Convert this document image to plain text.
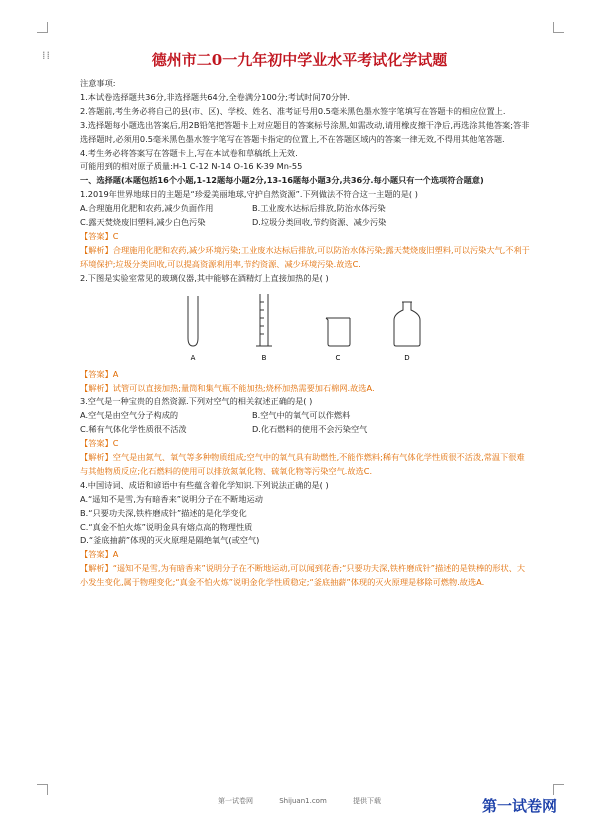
⁞⁞	德州市二0一九年初中学业水平考试化学试题

注意事项:

1.本试卷选择题共36分,非选择题共64分,全卷满分100分;考试时间70分钟.

2.答题前,考生务必将自己的县(市、区)、学校、姓名、准考证号用0.5毫米黑色墨水签字笔填写在答题卡的相应位置上.

3.选择题每小题选出答案后,用2B铅笔把答题卡上对应题目的答案标号涂黑,如需改动,请用橡皮擦干净后,再选涂其他答案;答非选择题时,必须用0.5毫米黑色墨水签字笔写在答题卡指定的位置上,不在答题区域内的答案一律无效,不得用其他笔答题.

4.考生务必将答案写在答题卡上,写在本试卷和草稿纸上无效.

可能用到的相对原子质量:H-1 C-12 N-14 O-16 K-39 Mn-55

一、选择题(本题包括16个小题,1-12题每小题2分,13-16题每小题3分,共36分.每小题只有一个选项符合题意)

1.2019年世界地球日的主题是“珍爱美丽地球,守护自然资源”.下列做法不符合这一主题的是( )

A.合理施用化肥和农药,减少负面作用	B.工业废水达标后排放,防治水体污染
C.露天焚烧废旧塑料,减少白色污染	D.垃圾分类回收,节约资源、减少污染

【答案】C

【解析】合理施用化肥和农药,减少环境污染;工业废水达标后排放,可以防治水体污染;露天焚烧废旧塑料,可以污染大气,不利于环境保护;垃圾分类回收,可以提高资源利用率,节约资源、减少环境污染.故选C.

2.下图是实验室常见的玻璃仪器,其中能够在酒精灯上直接加热的是( )

A	B	C	D

【答案】A

【解析】试管可以直接加热;量筒和集气瓶不能加热;烧杯加热需要加石棉网.故选A.

3.空气是一种宝贵的自然资源.下列对空气的相关叙述正确的是( )

A.空气是由空气分子构成的	B.空气中的氧气可以作燃料
C.稀有气体化学性质很不活泼	D.化石燃料的使用不会污染空气

【答案】C

【解析】空气是由氮气、氧气等多种物质组成;空气中的氧气具有助燃性,不能作燃料;稀有气体化学性质很不活泼,常温下很难与其他物质反应;化石燃料的使用可以排放氮氧化物、硫氧化物等污染空气.故选C.

4.中国诗词、成语和谚语中有些蕴含着化学知识.下列说法正确的是( )

A.“遥知不是雪,为有暗香来”说明分子在不断地运动

B.“只要功夫深,铁杵磨成针”描述的是化学变化

C.“真金不怕火炼”说明金具有熔点高的物理性质

D.“釜底抽薪”体现的灭火原理是隔绝氧气(或空气)

【答案】A

【解析】“遥知不是雪,为有暗香来”说明分子在不断地运动,可以闻到花香;“只要功夫深,铁杵磨成针”描述的是铁棒的形状、大小发生变化,属于物理变化;“真金不怕火炼”说明金化学性质稳定;“釜底抽薪”体现的灭火原理是移除可燃物.故选A.

第一试卷网	Shijuan1.com	提供下载	第一试卷网
